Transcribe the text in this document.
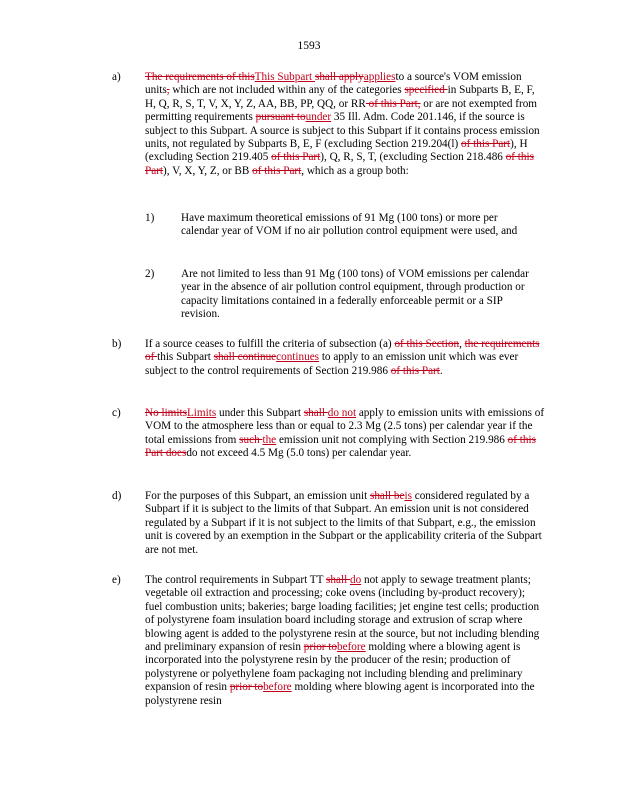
1593
a) The requirements of thisThis Subpart shall applyappliesto a source's VOM emission units, which are not included within any of the categories specified in Subparts B, E, F, H, Q, R, S, T, V, X, Y, Z, AA, BB, PP, QQ, or RR of this Part, or are not exempted from permitting requirements pursuant tounder 35 Ill. Adm. Code 201.146, if the source is subject to this Subpart. A source is subject to this Subpart if it contains process emission units, not regulated by Subparts B, E, F (excluding Section 219.204(l) of this Part), H (excluding Section 219.405 of this Part), Q, R, S, T, (excluding Section 218.486 of this Part), V, X, Y, Z, or BB of this Part, which as a group both:
1) Have maximum theoretical emissions of 91 Mg (100 tons) or more per calendar year of VOM if no air pollution control equipment were used, and
2) Are not limited to less than 91 Mg (100 tons) of VOM emissions per calendar year in the absence of air pollution control equipment, through production or capacity limitations contained in a federally enforceable permit or a SIP revision.
b) If a source ceases to fulfill the criteria of subsection (a) of this Section, the requirements of this Subpart shall continuecontinues to apply to an emission unit which was ever subject to the control requirements of Section 219.986 of this Part.
c) No limitsLimits under this Subpart shall do not apply to emission units with emissions of VOM to the atmosphere less than or equal to 2.3 Mg (2.5 tons) per calendar year if the total emissions from such the emission unit not complying with Section 219.986 of this Part doesdo not exceed 4.5 Mg (5.0 tons) per calendar year.
d) For the purposes of this Subpart, an emission unit shall beis considered regulated by a Subpart if it is subject to the limits of that Subpart. An emission unit is not considered regulated by a Subpart if it is not subject to the limits of that Subpart, e.g., the emission unit is covered by an exemption in the Subpart or the applicability criteria of the Subpart are not met.
e) The control requirements in Subpart TT shall do not apply to sewage treatment plants; vegetable oil extraction and processing; coke ovens (including by-product recovery); fuel combustion units; bakeries; barge loading facilities; jet engine test cells; production of polystyrene foam insulation board including storage and extrusion of scrap where blowing agent is added to the polystyrene resin at the source, but not including blending and preliminary expansion of resin prior tobefore molding where a blowing agent is incorporated into the polystyrene resin by the producer of the resin; production of polystyrene or polyethylene foam packaging not including blending and preliminary expansion of resin prior tobefore molding where blowing agent is incorporated into the polystyrene resin
